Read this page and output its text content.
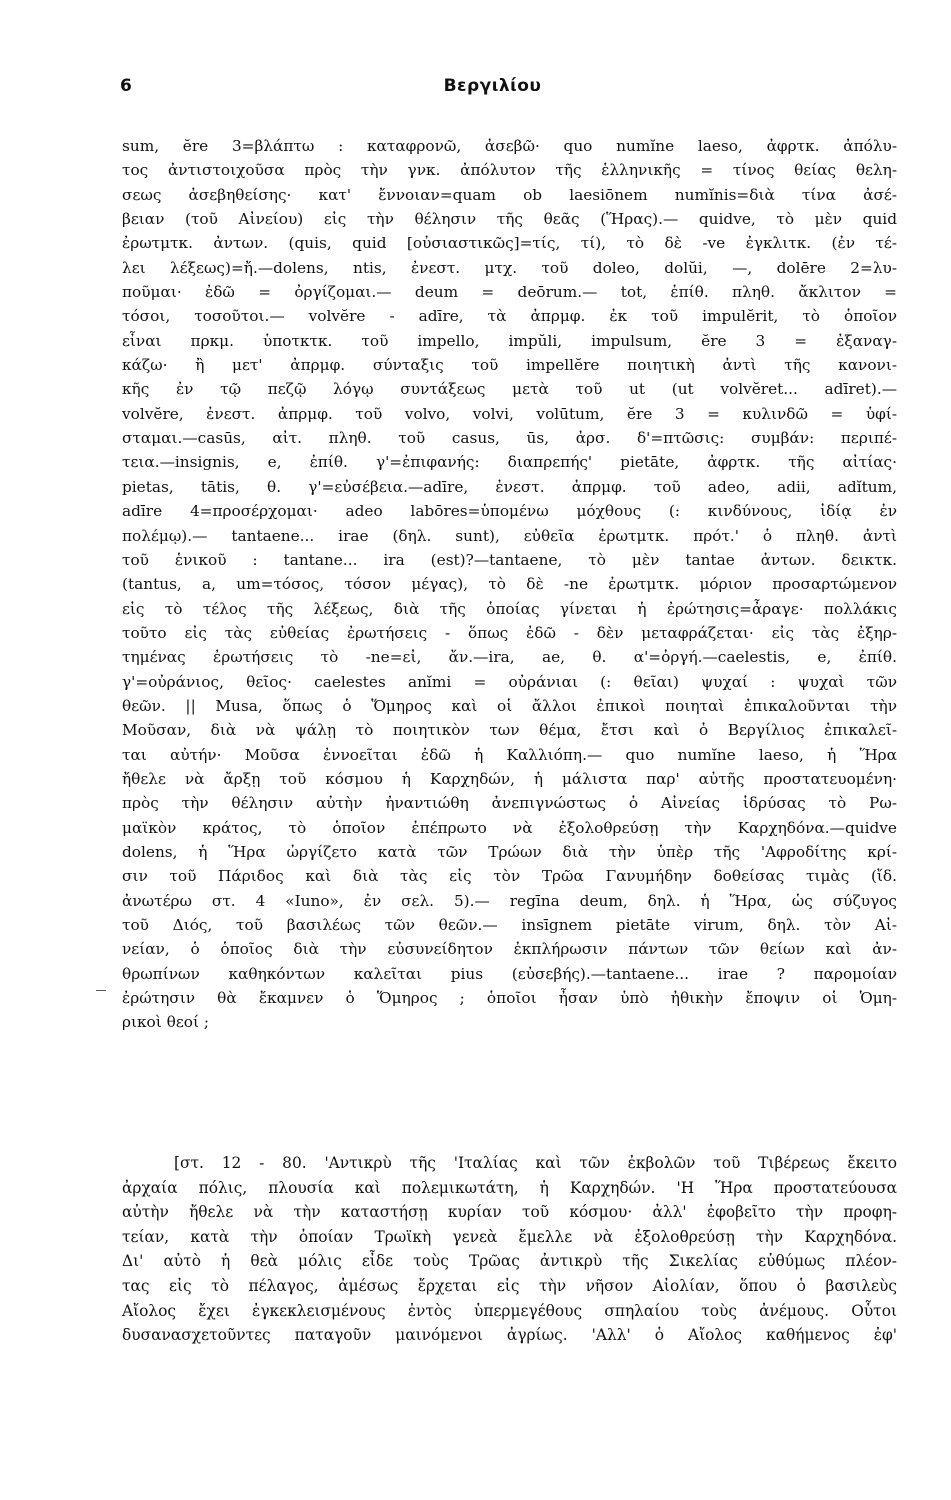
6	Βεργιλίου
sum, ĕre 3=βλάπτω : καταφρονῶ, ἀσεβῶ· quo numĭne laeso, ἀφρτκ. ἀπόλυ-
τος ἀντιστοιχοῦσα πρὸς τὴν γνκ. ἀπόλυτον τῆς ἑλληνικῆς = τίνος θείας θελη-
σεως ἀσεβηθείσης· κατ' ἔννοιαν=quam ob laesiōnem numĭnis=διὰ τίνα ἀσέ-
βειαν (τοῦ Αἰνείου) εἰς τὴν θέλησιν τῆς θεᾶς (Ἥρας).— quidve, τὸ μὲν quid
ἐρωτμτκ. ἀντων. (quis, quid [οὐσιαστικῶς]=τίς, τί), τὸ δὲ -ve ἐγκλιτκ. (ἐν τέ-
λει λέξεως)=ἤ.—dolens, ntis, ἐνεστ. μτχ. τοῦ doleo, dolŭi, —, dolēre 2=λυ-
ποῦμαι· ἐδῶ = ὀργίζομαι.— deum = deōrum.— tot, ἐπίθ. πληθ. ἄκλιτον =
τόσοι, τοσοῦτοι.— volvĕre - adīre, τὰ ἀπρμφ. ἐκ τοῦ impulĕrit, τὸ ὁποῖον
εἶναι πρκμ. ὑποτκτκ. τοῦ impello, impŭli, impulsum, ĕre 3 = ἐξαναγ-
κάζω· ἢ μετ' ἀπρμφ. σύνταξις τοῦ impellĕre ποιητικὴ ἀντὶ τῆς κανονι-
κῆς ἐν τῷ πεζῷ λόγῳ συντάξεως μετὰ τοῦ ut (ut volvĕret... adīret).—
volvĕre, ἐνεστ. ἀπρμφ. τοῦ volvo, volvi, volūtum, ĕre 3 = κυλινδῶ = ὑφί-
σταμαι.—casūs, αἰτ. πληθ. τοῦ casus, ūs, ἀρσ. δ'=πτῶσις: συμβάν: περιπέ-
τεια.—insignis, e, ἐπίθ. γ'=ἐπιφανής: διαπρεπής' pietāte, ἀφρτκ. τῆς αἰτίας·
pietas, tātis, θ. γ'=εὐσέβεια.—adīre, ἐνεστ. ἀπρμφ. τοῦ adeo, adii, adĭtum,
adīre 4=προσέρχομαι· adeo labōres=ὑπομένω μόχθους (: κινδύνους, ἰδίᾳ ἐν
πολέμῳ).— tantaene... irae (δηλ. sunt), εὐθεῖα ἐρωτμτκ. πρότ.' ὁ πληθ. ἀντὶ
τοῦ ἑνικοῦ : tantane... ira (est)?—tantaene, τὸ μὲν tantae ἀντων. δεικτκ.
(tantus, a, um=τόσος, τόσον μέγας), τὸ δὲ -ne ἐρωτμτκ. μόριον προσαρτώμενον
εἰς τὸ τέλος τῆς λέξεως, διὰ τῆς ὁποίας γίνεται ἡ ἐρώτησις=ἆραγε· πολλάκις
τοῦτο εἰς τὰς εὐθείας ἐρωτήσεις - ὅπως ἐδῶ - δὲν μεταφράζεται· εἰς τὰς ἐξηρ-
τημένας ἐρωτήσεις τὸ -ne=εἰ, ἄν.—ira, ae, θ. α'=ὀργή.—caelestis, e, ἐπίθ.
γ'=οὐράνιος, θεῖος· caelestes anĭmi = οὐράνιαι (: θεῖαι) ψυχαί : ψυχαὶ τῶν
θεῶν. || Musa, ὅπως ὁ Ὅμηρος καὶ οἱ ἄλλοι ἐπικοὶ ποιηταὶ ἐπικαλοῦνται τὴν
Μοῦσαν, διὰ νὰ ψάλῃ τὸ ποιητικὸν των θέμα, ἔτσι καὶ ὁ Βεργίλιος ἐπικαλεῖ-
ται αὐτήν· Μοῦσα ἐννοεῖται ἐδῶ ἡ Καλλιόπη.— quo numĭne laeso, ἡ Ἥρα
ἤθελε νὰ ἄρξῃ τοῦ κόσμου ἡ Καρχηδών, ἡ μάλιστα παρ' αὐτῆς προστατευομένη·
πρὸς τὴν θέλησιν αὐτὴν ἠναντιώθη ἀνεπιγνώστως ὁ Αἰνείας ἱδρύσας τὸ Ρω-
μαϊκὸν κράτος, τὸ ὁποῖον ἐπέπρωτο νὰ ἐξολοθρεύσῃ τὴν Καρχηδόνα.—quidve
dolens, ἡ Ἥρα ὠργίζετο κατὰ τῶν Τρώων διὰ τὴν ὑπὲρ τῆς 'Αφροδίτης κρί-
σιν τοῦ Πάριδος καὶ διὰ τὰς εἰς τὸν Τρῶα Γανυμήδην δοθείσας τιμὰς (ἴδ.
ἀνωτέρω στ. 4 «Iuno», ἐν σελ. 5).— regīna deum, δηλ. ἡ Ἥρα, ὡς σύζυγος
τοῦ Διός, τοῦ βασιλέως τῶν θεῶν.— insīgnem pietāte virum, δηλ. τὸν Αἰ-
νείαν, ὁ ὁποῖος διὰ τὴν εὐσυνείδητον ἐκπλήρωσιν πάντων τῶν θείων καὶ ἀν-
θρωπίνων καθηκόντων καλεῖται pius (εὐσεβής).—tantaene... irae ? παρομοίαν
ἐρώτησιν θὰ ἔκαμνεν ὁ Ὅμηρος ; ὁποῖοι ἦσαν ὑπὸ ἠθικὴν ἔποψιν οἱ Ὁμη-
ρικοὶ θεοί ;
[στ. 12 - 80. 'Αντικρὺ τῆς 'Ιταλίας καὶ τῶν ἐκβολῶν τοῦ Τιβέρεως ἔκειτο
ἀρχαία πόλις, πλουσία καὶ πολεμικωτάτη, ἡ Καρχηδών. 'Η Ἥρα προστατεύουσα
αὐτὴν ἤθελε νὰ τὴν καταστήσῃ κυρίαν τοῦ κόσμου· ἀλλ' ἐφοβεῖτο τὴν προφη-
τείαν, κατὰ τὴν ὁποίαν Τρωϊκὴ γενεὰ ἔμελλε νὰ ἐξολοθρεύσῃ τὴν Καρχηδόνα.
Δι' αὐτὸ ἡ θεὰ μόλις εἶδε τοὺς Τρῶας ἀντικρὺ τῆς Σικελίας εὐθύμως πλέον-
τας εἰς τὸ πέλαγος, ἀμέσως ἔρχεται εἰς τὴν νῆσον Αἰολίαν, ὅπου ὁ βασιλεὺς
Αἴολος ἔχει ἐγκεκλεισμένους ἐντὸς ὑπερμεγέθους σπηλαίου τοὺς ἀνέμους. Οὗτοι
δυσανασχετοῦντες παταγοῦν μαινόμενοι ἀγρίως. 'Αλλ' ὁ Αἴολος καθήμενος ἐφ'
